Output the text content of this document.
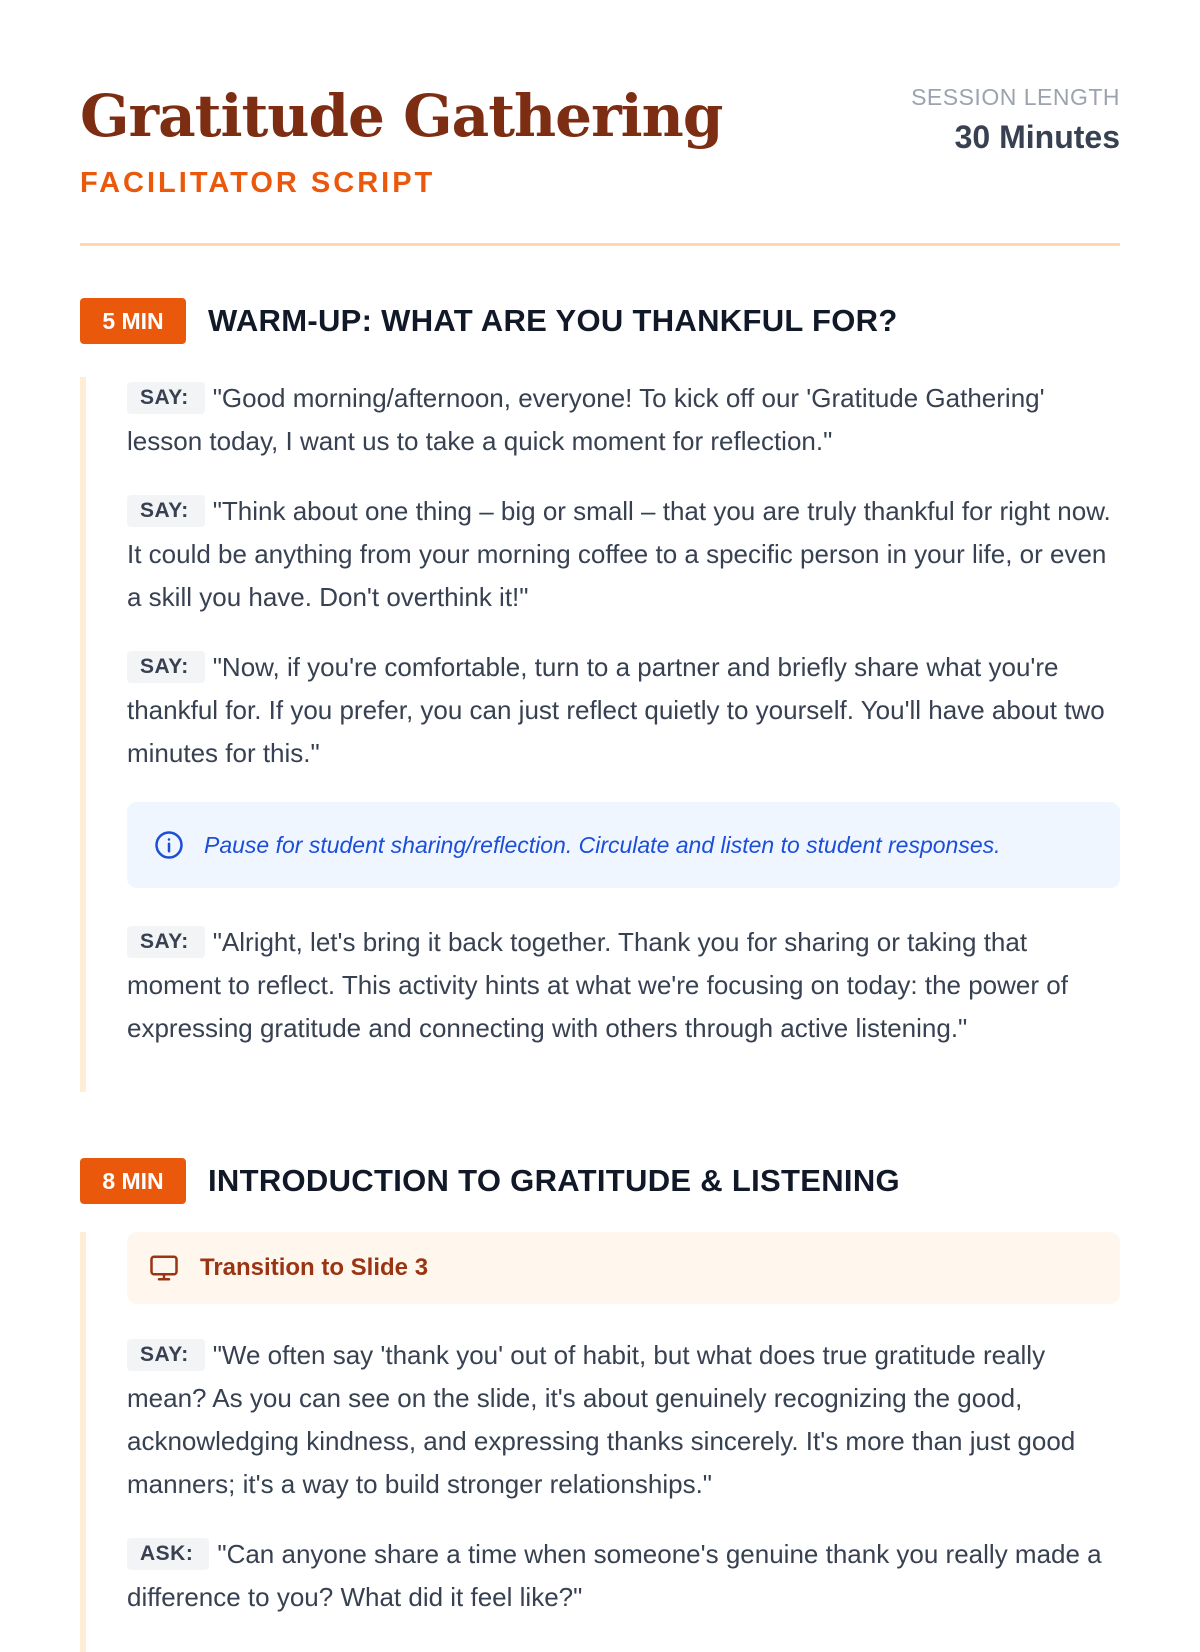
Gratitude Gathering
FACILITATOR SCRIPT
SESSION LENGTH
30 Minutes
5 MIN	WARM-UP: WHAT ARE YOU THANKFUL FOR?

SAY: "Good morning/afternoon, everyone! To kick off our 'Gratitude Gathering' lesson today, I want us to take a quick moment for reflection."

SAY: "Think about one thing – big or small – that you are truly thankful for right now. It could be anything from your morning coffee to a specific person in your life, or even a skill you have. Don't overthink it!"

SAY: "Now, if you're comfortable, turn to a partner and briefly share what you're thankful for. If you prefer, you can just reflect quietly to yourself. You'll have about two minutes for this."

Pause for student sharing/reflection. Circulate and listen to student responses.

SAY: "Alright, let's bring it back together. Thank you for sharing or taking that moment to reflect. This activity hints at what we're focusing on today: the power of expressing gratitude and connecting with others through active listening."

8 MIN	INTRODUCTION TO GRATITUDE & LISTENING
Transition to Slide 3

SAY: "We often say 'thank you' out of habit, but what does true gratitude really mean? As you can see on the slide, it's about genuinely recognizing the good, acknowledging kindness, and expressing thanks sincerely. It's more than just good manners; it's a way to build stronger relationships."

ASK: "Can anyone share a time when someone's genuine thank you really made a difference to you? What did it feel like?"
